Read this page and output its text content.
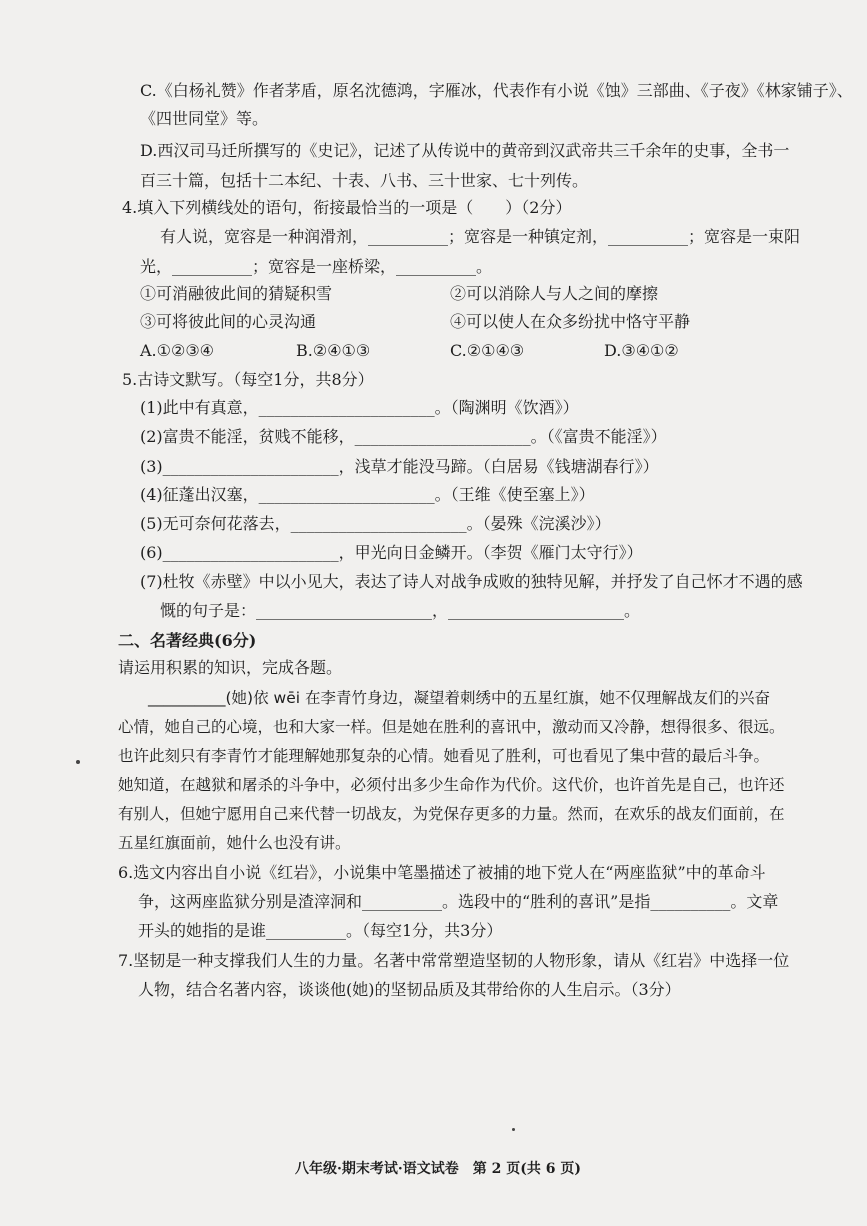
C.《白杨礼赞》作者茅盾，原名沈德鸿，字雁冰，代表作有小说《蚀》三部曲、《子夜》《林家铺子》、
《四世同堂》等。
D.西汉司马迁所撰写的《史记》，记述了从传说中的黄帝到汉武帝共三千余年的史事，全书一
百三十篇，包括十二本纪、十表、八书、三十世家、七十列传。
4.填入下列横线处的语句，衔接最恰当的一项是（　　）（2分）
有人说，宽容是一种润滑剂，__________；宽容是一种镇定剂，__________；宽容是一束阳
光，__________；宽容是一座桥梁，__________。
①可消融彼此间的猜疑积雪	②可以消除人与人之间的摩擦
③可将彼此间的心灵沟通	④可以使人在众多纷扰中恪守平静
A.①②③④	B.②④①③	C.②①④③	D.③④①②
5.古诗文默写。（每空1分，共8分）
(1)此中有真意，______________________。（陶渊明《饮酒》）
(2)富贵不能淫，贫贱不能移，______________________。（《富贵不能淫》）
(3)______________________，浅草才能没马蹄。（白居易《钱塘湖春行》）
(4)征蓬出汉塞，______________________。（王维《使至塞上》）
(5)无可奈何花落去，______________________。（晏殊《浣溪沙》）
(6)______________________，甲光向日金鳞开。（李贺《雁门太守行》）
(7)杜牧《赤壁》中以小见大，表达了诗人对战争成败的独特见解，并抒发了自己怀才不遇的感
慨的句子是：______________________，______________________。
二、名著经典(6分)
请运用积累的知识，完成各题。
__________(她)依 wēi 在李青竹身边，凝望着刺绣中的五星红旗，她不仅理解战友们的兴奋
心情，她自己的心境，也和大家一样。但是她在胜利的喜讯中，激动而又冷静，想得很多、很远。
也许此刻只有李青竹才能理解她那复杂的心情。她看见了胜利，可也看见了集中营的最后斗争。
她知道，在越狱和屠杀的斗争中，必须付出多少生命作为代价。这代价，也许首先是自己，也许还
有别人，但她宁愿用自己来代替一切战友，为党保存更多的力量。然而，在欢乐的战友们面前，在
五星红旗面前，她什么也没有讲。
6.选文内容出自小说《红岩》，小说集中笔墨描述了被捕的地下党人在“两座监狱”中的革命斗
争，这两座监狱分别是渣滓洞和__________。选段中的“胜利的喜讯”是指__________。文章
开头的她指的是谁__________。（每空1分，共3分）
7.坚韧是一种支撑我们人生的力量。名著中常常塑造坚韧的人物形象，请从《红岩》中选择一位
人物，结合名著内容，谈谈他(她)的坚韧品质及其带给你的人生启示。（3分）
八年级·期末考试·语文试卷　第 2 页(共 6 页)
